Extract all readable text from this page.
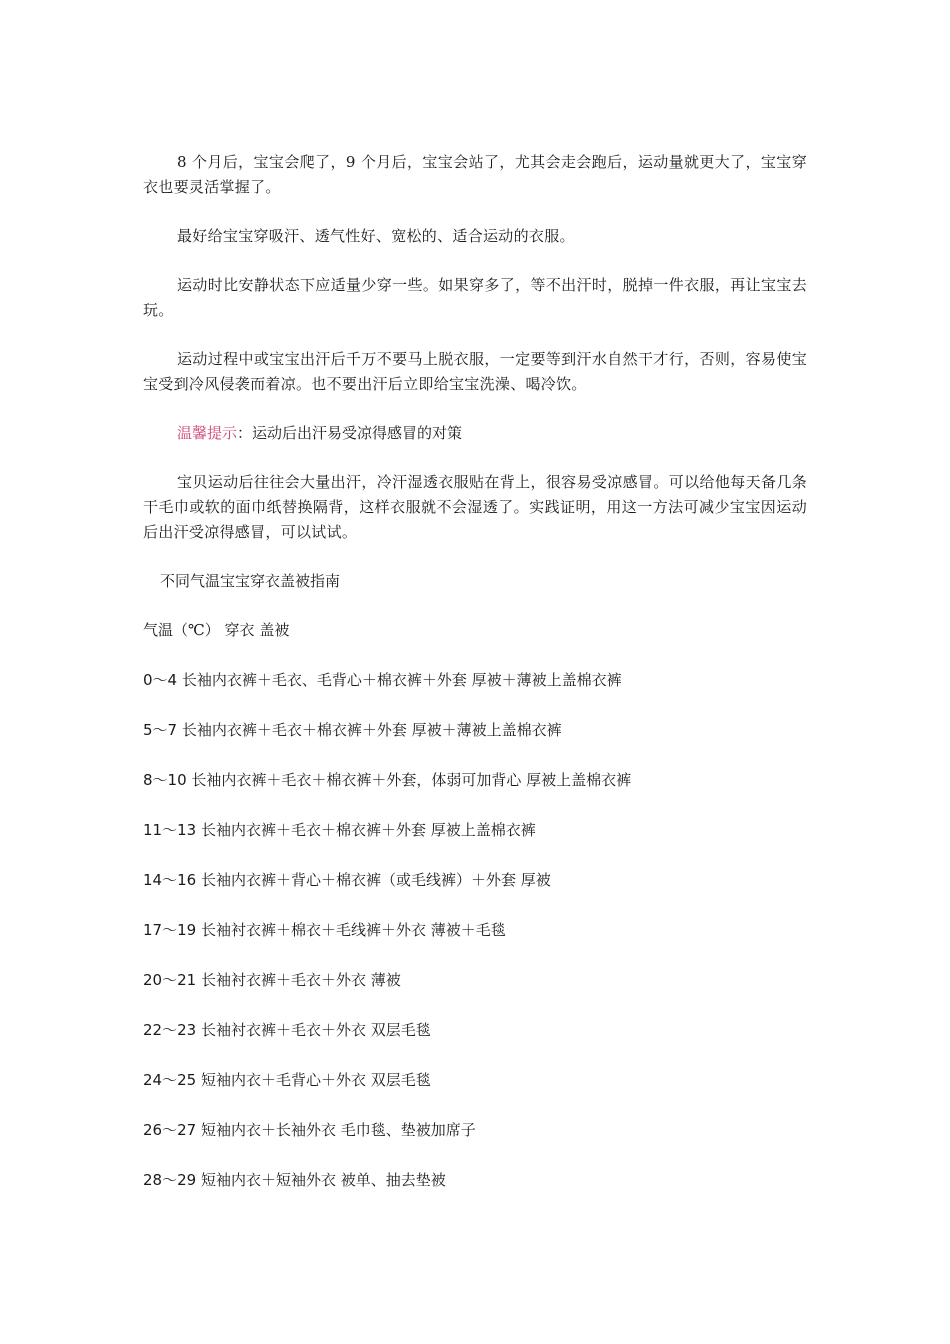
8 个月后，宝宝会爬了，9 个月后，宝宝会站了，尤其会走会跑后，运动量就更大了，宝宝穿衣也要灵活掌握了。

最好给宝宝穿吸汗、透气性好、宽松的、适合运动的衣服。

运动时比安静状态下应适量少穿一些。如果穿多了，等不出汗时，脱掉一件衣服，再让宝宝去玩。

运动过程中或宝宝出汗后千万不要马上脱衣服，一定要等到汗水自然干才行，否则，容易使宝宝受到冷风侵袭而着凉。也不要出汗后立即给宝宝洗澡、喝冷饮。

温馨提示：运动后出汗易受凉得感冒的对策

宝贝运动后往往会大量出汗，冷汗湿透衣服贴在背上，很容易受凉感冒。可以给他每天备几条干毛巾或软的面巾纸替换隔背，这样衣服就不会湿透了。实践证明，用这一方法可减少宝宝因运动后出汗受凉得感冒，可以试试。

不同气温宝宝穿衣盖被指南

气温（℃） 穿衣 盖被
0～4 长袖内衣裤＋毛衣、毛背心＋棉衣裤＋外套 厚被＋薄被上盖棉衣裤
5～7 长袖内衣裤＋毛衣＋棉衣裤＋外套 厚被＋薄被上盖棉衣裤
8～10 长袖内衣裤＋毛衣＋棉衣裤＋外套，体弱可加背心 厚被上盖棉衣裤
11～13 长袖内衣裤＋毛衣＋棉衣裤＋外套 厚被上盖棉衣裤
14～16 长袖内衣裤＋背心＋棉衣裤（或毛线裤）＋外套 厚被
17～19 长袖衬衣裤＋棉衣＋毛线裤＋外衣 薄被＋毛毯
20～21 长袖衬衣裤＋毛衣＋外衣 薄被
22～23 长袖衬衣裤＋毛衣＋外衣 双层毛毯
24～25 短袖内衣＋毛背心＋外衣 双层毛毯
26～27 短袖内衣＋长袖外衣 毛巾毯、垫被加席子
28～29 短袖内衣＋短袖外衣 被单、抽去垫被
